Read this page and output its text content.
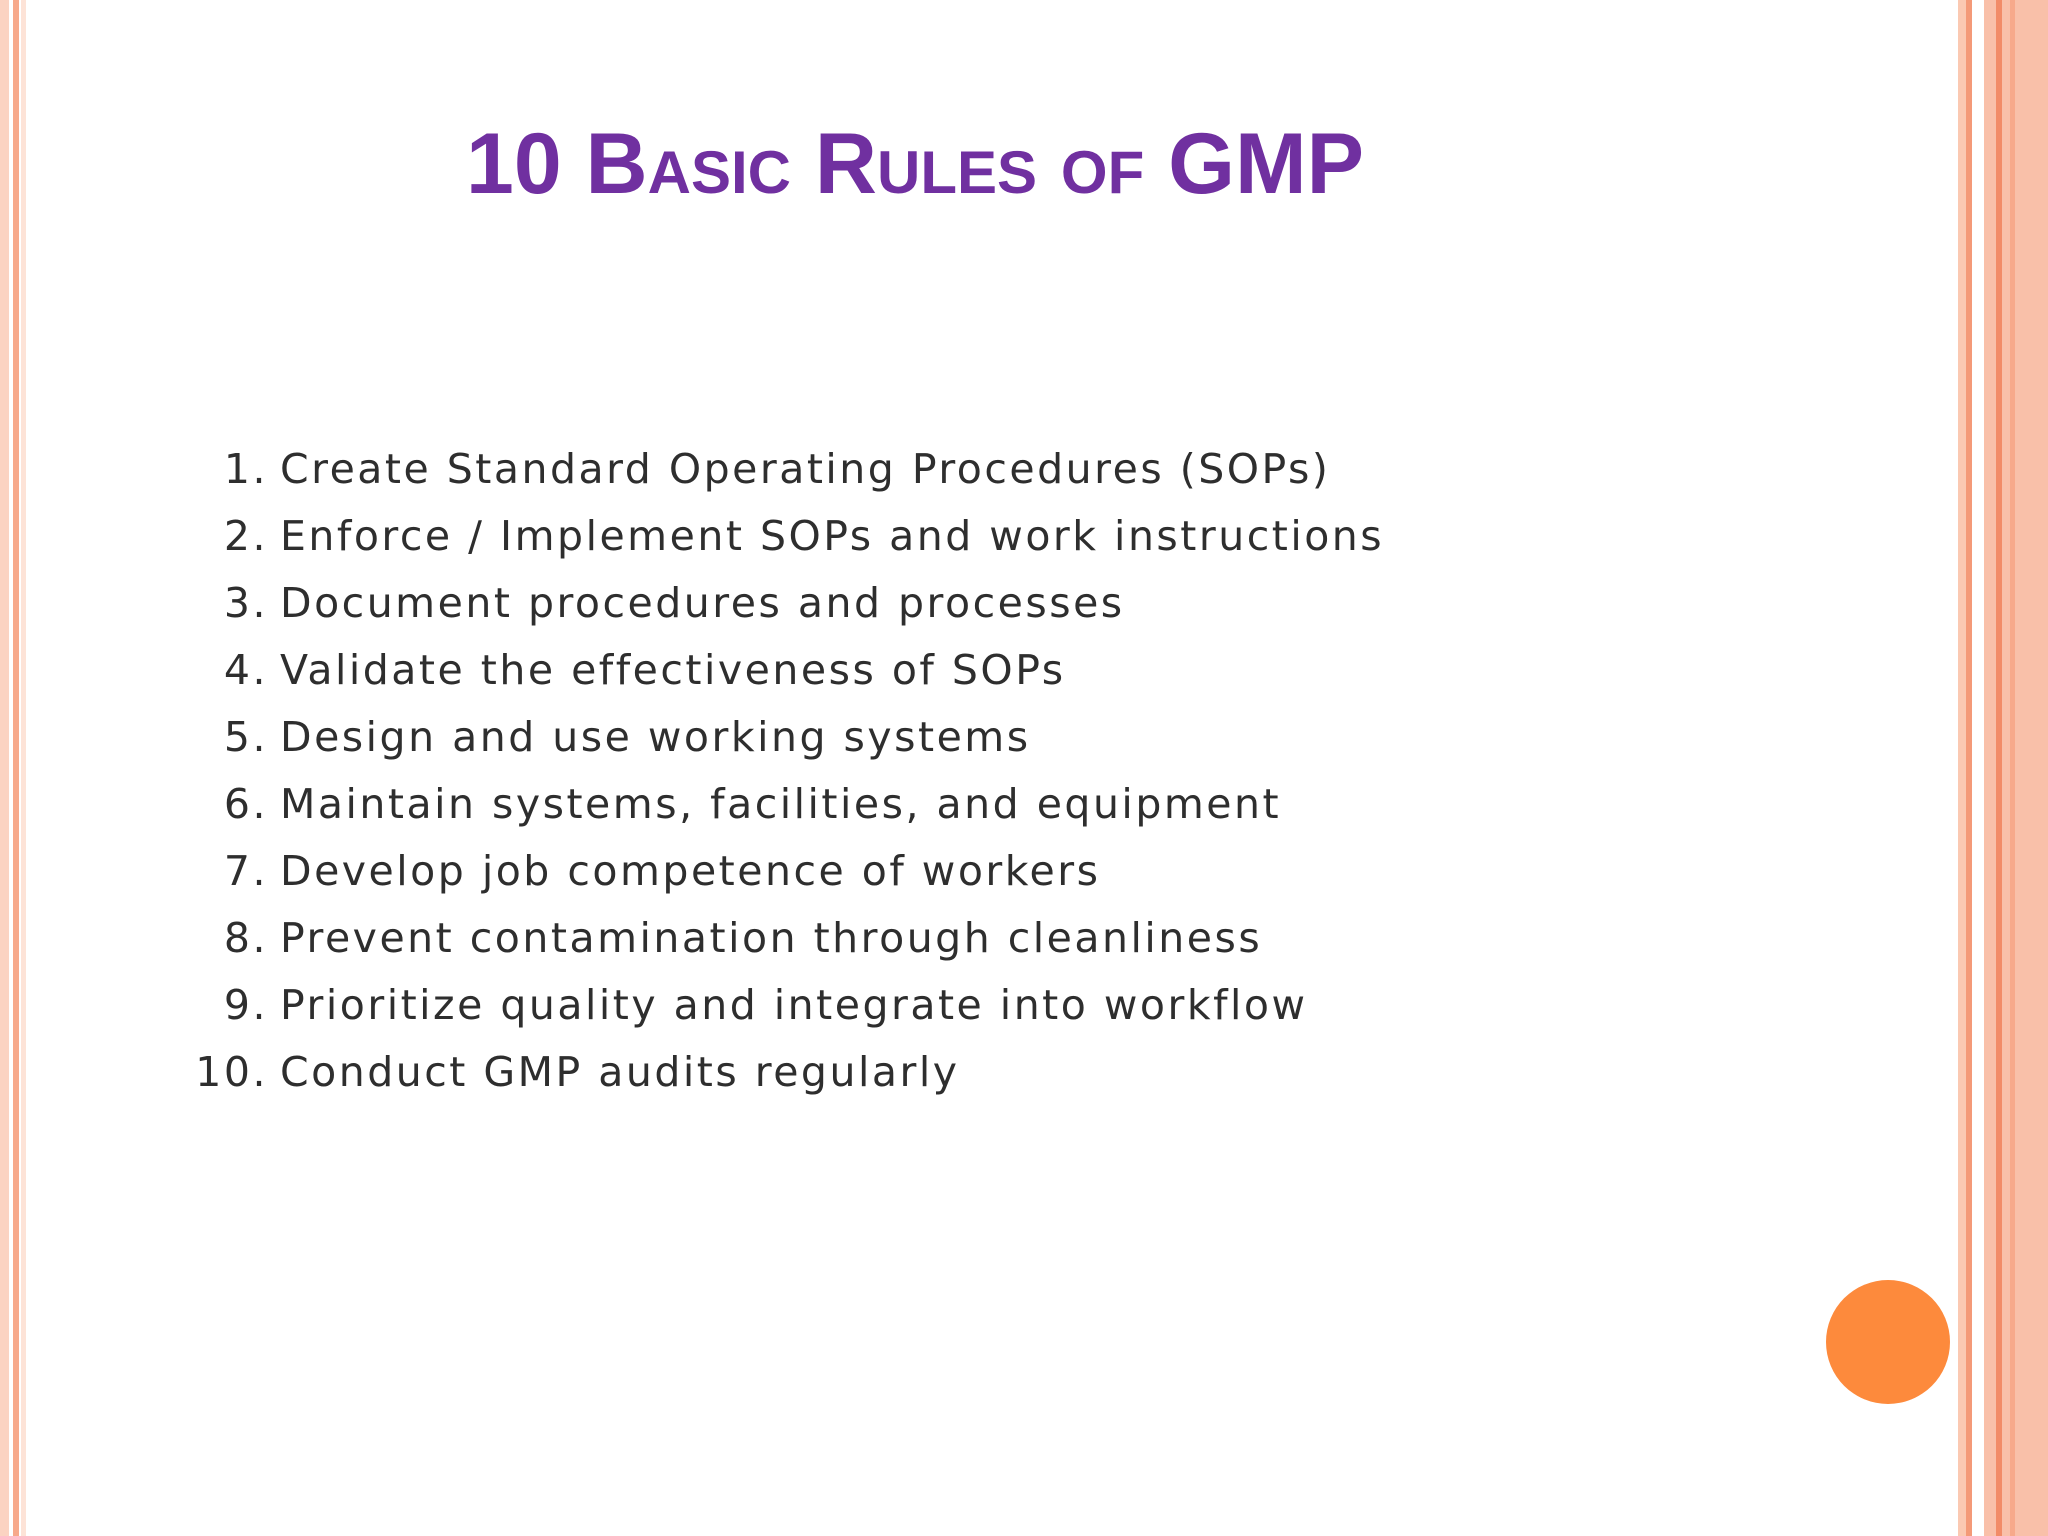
10 Basic Rules of GMP
1. Create Standard Operating Procedures (SOPs)
2. Enforce / Implement SOPs and work instructions
3. Document procedures and processes
4. Validate the effectiveness of SOPs
5. Design and use working systems
6. Maintain systems, facilities, and equipment
7. Develop job competence of workers
8. Prevent contamination through cleanliness
9. Prioritize quality and integrate into workflow
10. Conduct GMP audits regularly
